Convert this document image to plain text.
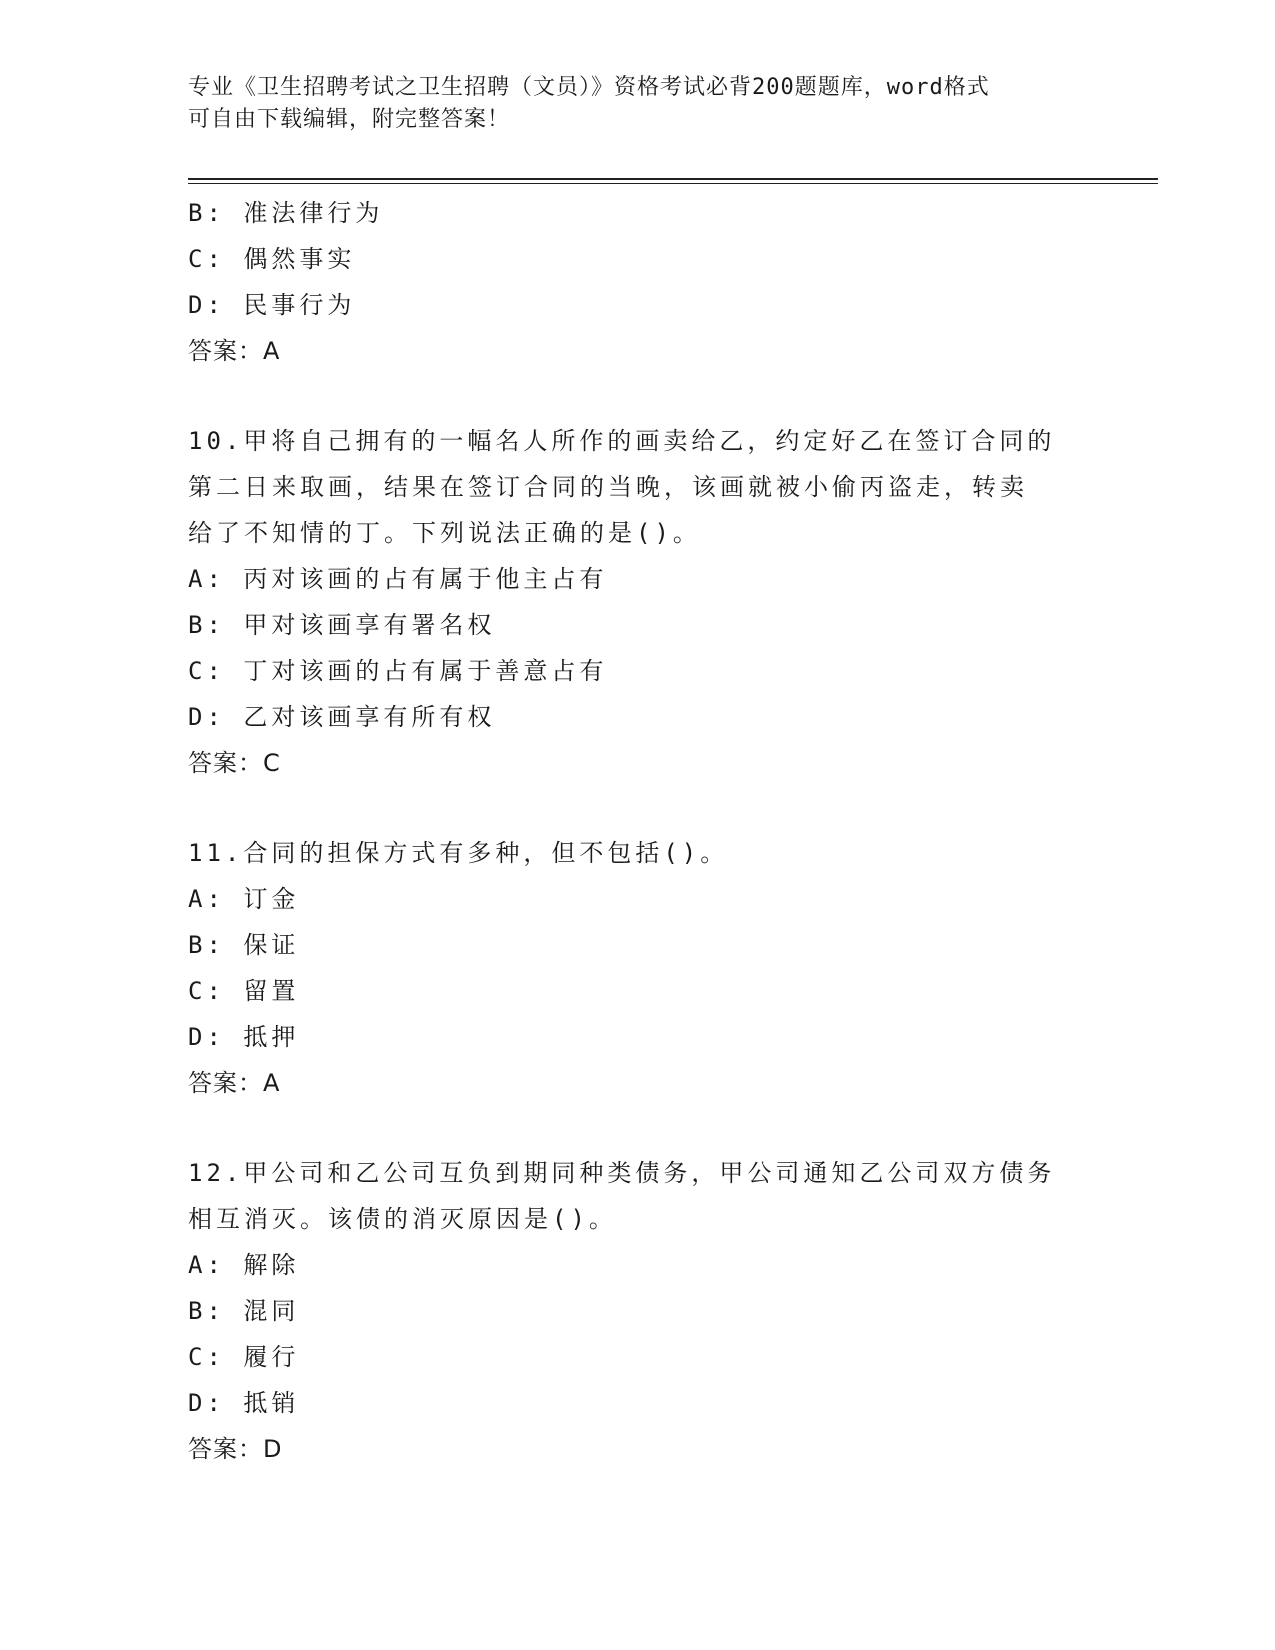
专业《卫生招聘考试之卫生招聘（文员）》资格考试必背200题题库，word格式
可自由下载编辑，附完整答案！
B: 准法律行为
C: 偶然事实
D: 民事行为
答案：A
10.甲将自己拥有的一幅名人所作的画卖给乙，约定好乙在签订合同的
第二日来取画，结果在签订合同的当晚，该画就被小偷丙盗走，转卖
给了不知情的丁。下列说法正确的是()。
A: 丙对该画的占有属于他主占有
B: 甲对该画享有署名权
C: 丁对该画的占有属于善意占有
D: 乙对该画享有所有权
答案：C
11.合同的担保方式有多种，但不包括()。
A: 订金
B: 保证
C: 留置
D: 抵押
答案：A
12.甲公司和乙公司互负到期同种类债务，甲公司通知乙公司双方债务
相互消灭。该债的消灭原因是()。
A: 解除
B: 混同
C: 履行
D: 抵销
答案：D
